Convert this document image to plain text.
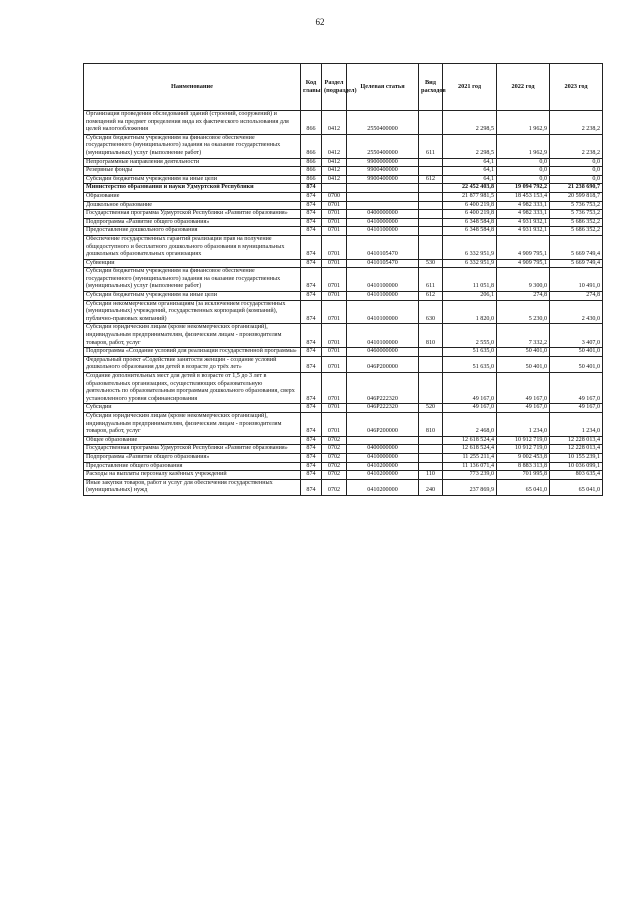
62
Наименование	Код главы	Раздел (подраздел)	Целевая статья	Вид расходов	2021 год	2022 год	2023 год
Организация проведения обследований зданий (строений, сооружений) и помещений на предмет определения вида их фактического использования для целей налогообложения	866	0412	2550400000		2 298,5	1 962,9	2 238,2
Субсидии бюджетным учреждениям на финансовое обеспечение государственного (муниципального) задания на оказание государственных (муниципальных) услуг (выполнение работ)	866	0412	2550400000	611	2 298,5	1 962,9	2 238,2
Непрограммные направления деятельности	866	0412	9900000000		64,1	0,0	0,0
Резервные фонды	866	0412	9900400000		64,1	0,0	0,0
Субсидии бюджетным учреждениям на иные цели	866	0412	9900400000	612	64,1	0,0	0,0
Министерство образования и науки Удмуртской Республики	874				22 452 403,8	19 094 792,2	21 238 690,7
Образование	874	0700			21 877 981,5	18 453 153,4	20 599 818,7
Дошкольное образование	874	0701			6 400 219,8	4 982 333,1	5 736 753,2
Государственная программа Удмуртской Республики «Развитие образования»	874	0701	0400000000		6 400 219,8	4 982 333,1	5 736 753,2
Подпрограмма «Развитие общего образования»	874	0701	0410000000		6 348 584,8	4 931 932,1	5 686 352,2
Предоставление дошкольного образования	874	0701	0410100000		6 348 584,8	4 931 932,1	5 686 352,2
Обеспечение государственных гарантий реализации прав на получение общедоступного и бесплатного дошкольного образования в муниципальных дошкольных образовательных организациях	874	0701	0410105470		6 332 951,9	4 909 795,1	5 669 749,4
Субвенции	874	0701	0410105470	530	6 332 951,9	4 909 795,1	5 669 749,4
Субсидии бюджетным учреждениям на финансовое обеспечение государственного (муниципального) задания на оказание государственных (муниципальных) услуг (выполнение работ)	874	0701	0410100000	611	11 051,8	9 300,0	10 491,0
Субсидии бюджетным учреждениям на иные цели	874	0701	0410100000	612	206,1	274,8	274,8
Субсидии некоммерческим организациям (за исключением государственных (муниципальных) учреждений, государственных корпораций (компаний), публично-правовых компаний)	874	0701	0410100000	630	1 820,0	5 230,0	2 430,0
Субсидии юридическим лицам (кроме некоммерческих организаций), индивидуальным предпринимателям, физическим лицам - производителям товаров, работ, услуг	874	0701	0410100000	810	2 555,0	7 332,2	3 407,0
Подпрограмма «Создание условий для реализации государственной программы»	874	0701	0460000000		51 635,0	50 401,0	50 401,0
Федеральный проект «Содействие занятости женщин - создание условий дошкольного образования для детей в возрасте до трёх лет»	874	0701	046P200000		51 635,0	50 401,0	50 401,0
Создание дополнительных мест для детей в возрасте от 1,5 до 3 лет в образовательных организациях, осуществляющих образовательную деятельность по образовательным программам дошкольного образования, сверх установленного уровня софинансирования	874	0701	046P222320		49 167,0	49 167,0	49 167,0
Субсидии	874	0701	046P222320	520	49 167,0	49 167,0	49 167,0
Субсидии юридическим лицам (кроме некоммерческих организаций), индивидуальным предпринимателям, физическим лицам - производителям товаров, работ, услуг	874	0701	046P200000	810	2 468,0	1 234,0	1 234,0
Общее образование	874	0702			12 618 524,4	10 912 719,0	12 228 013,4
Государственная программа Удмуртской Республики «Развитие образования»	874	0702	0400000000		12 618 524,4	10 912 719,0	12 228 013,4
Подпрограмма «Развитие общего образования»	874	0702	0410000000		11 255 211,4	9 002 453,8	10 155 239,1
Предоставление общего образования	874	0702	0410200000		11 136 071,4	8 883 313,8	10 036 099,1
Расходы на выплаты персоналу казённых учреждений	874	0702	0410200000	110	773 239,0	701 995,8	803 635,4
Иные закупки товаров, работ и услуг для обеспечения государственных (муниципальных) нужд	874	0702	0410200000	240	237 869,9	65 041,0	65 041,0
